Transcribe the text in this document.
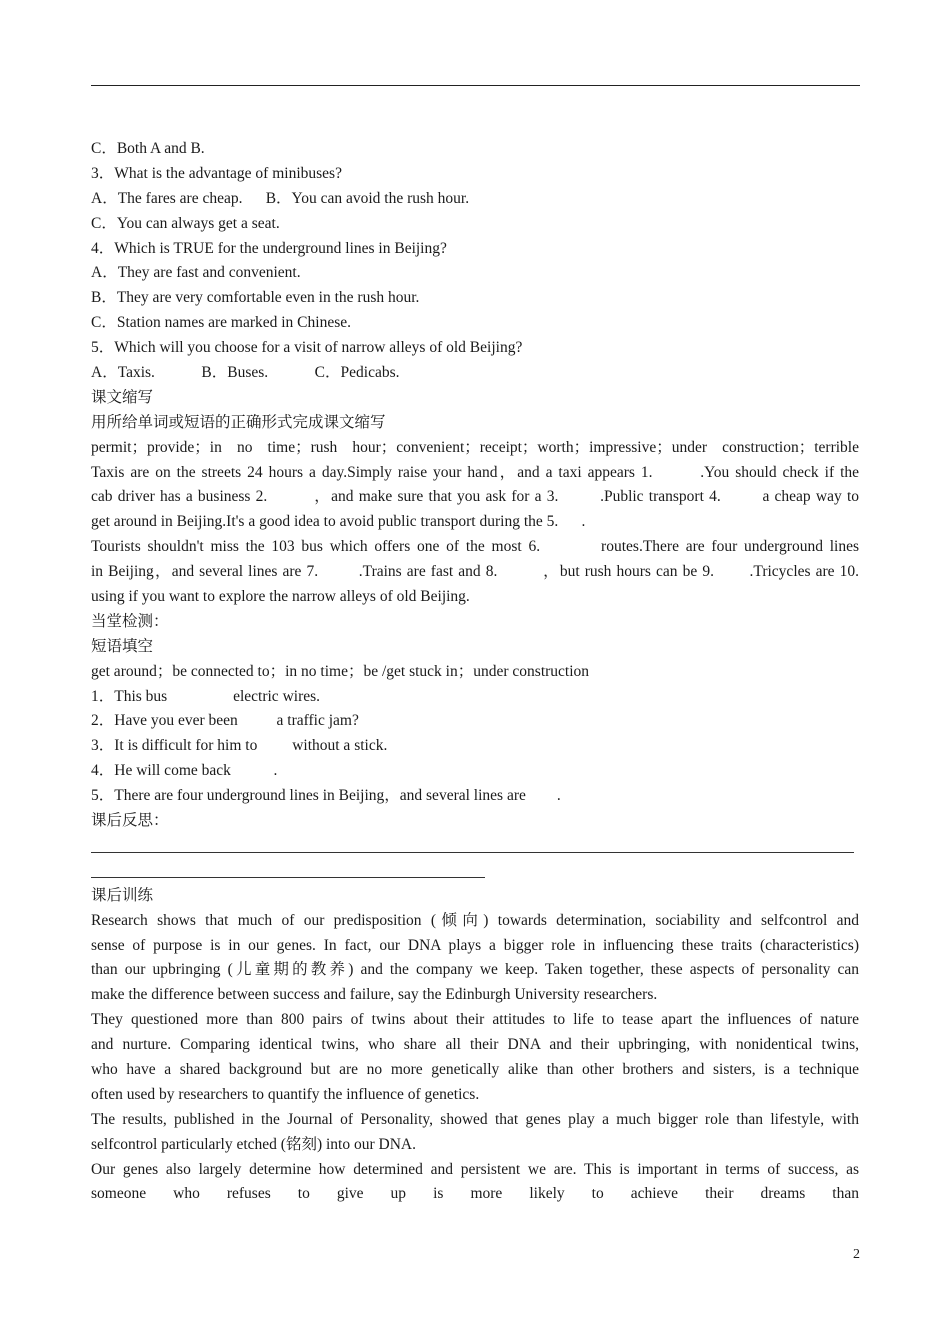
C．Both A and B.
3．What is the advantage of minibuses?
A．The fares are cheap.      B．You can avoid the rush hour.
C．You can always get a seat.
4．Which is TRUE for the underground lines in Beijing?
A．They are fast and convenient.
B．They are very comfortable even in the rush hour.
C．Station names are marked in Chinese.
5．Which will you choose for a visit of narrow alleys of old Beijing?
A．Taxis.            B．Buses.            C．Pedicabs.
课文缩写
用所给单词或短语的正确形式完成课文缩写
permit；provide；in no time；rush hour；convenient；receipt；worth；impressive；under construction；terrible
Taxis are on the streets 24 hours a day.Simply raise your hand，and a taxi appears 1.        .You should check if the
cab driver has a business 2.         ，and make sure that you ask for a 3.        .Public transport 4.        a cheap way to
get around in Beijing.It's a good idea to avoid public transport during the 5.      .
Tourists shouldn't miss the 103 bus which offers one of the most 6.         routes.There are four underground lines
in Beijing，and several lines are 7.        .Trains are fast and 8.         ，but rush hours can be 9.       .Tricycles are 10.
using if you want to explore the narrow alleys of old Beijing.
当堂检测：
短语填空
get around；be connected to；in no time；be /get stuck in；under construction
1．This bus                 electric wires.
2．Have you ever been          a traffic jam?
3．It is difficult for him to         without a stick.
4．He will come back           .
5．There are four underground lines in Beijing，and several lines are        .
课后反思：
课后训练
Research shows that much of our predisposition (倾向) towards determination, sociability and selfcontrol and
sense of purpose is in our genes. In fact, our DNA plays a bigger role in influencing these traits (characteristics)
than our upbringing (儿童期的教养) and the company we keep. Taken together, these aspects of personality can
make the difference between success and failure, say the Edinburgh University researchers.
They questioned more than 800 pairs of twins about their attitudes to life to tease apart the influences of nature
and nurture. Comparing identical twins, who share all their DNA and their upbringing, with nonidentical twins,
who have a shared background but are no more genetically alike than other brothers and sisters, is a technique
often used by researchers to quantify the influence of genetics.
The results, published in the Journal of Personality, showed that genes play a much bigger role than lifestyle, with
selfcontrol particularly etched (铭刻) into our DNA.
Our genes also largely determine how determined and persistent we are. This is important in terms of success, as
someone who refuses to give up is more likely to achieve their dreams than
2
